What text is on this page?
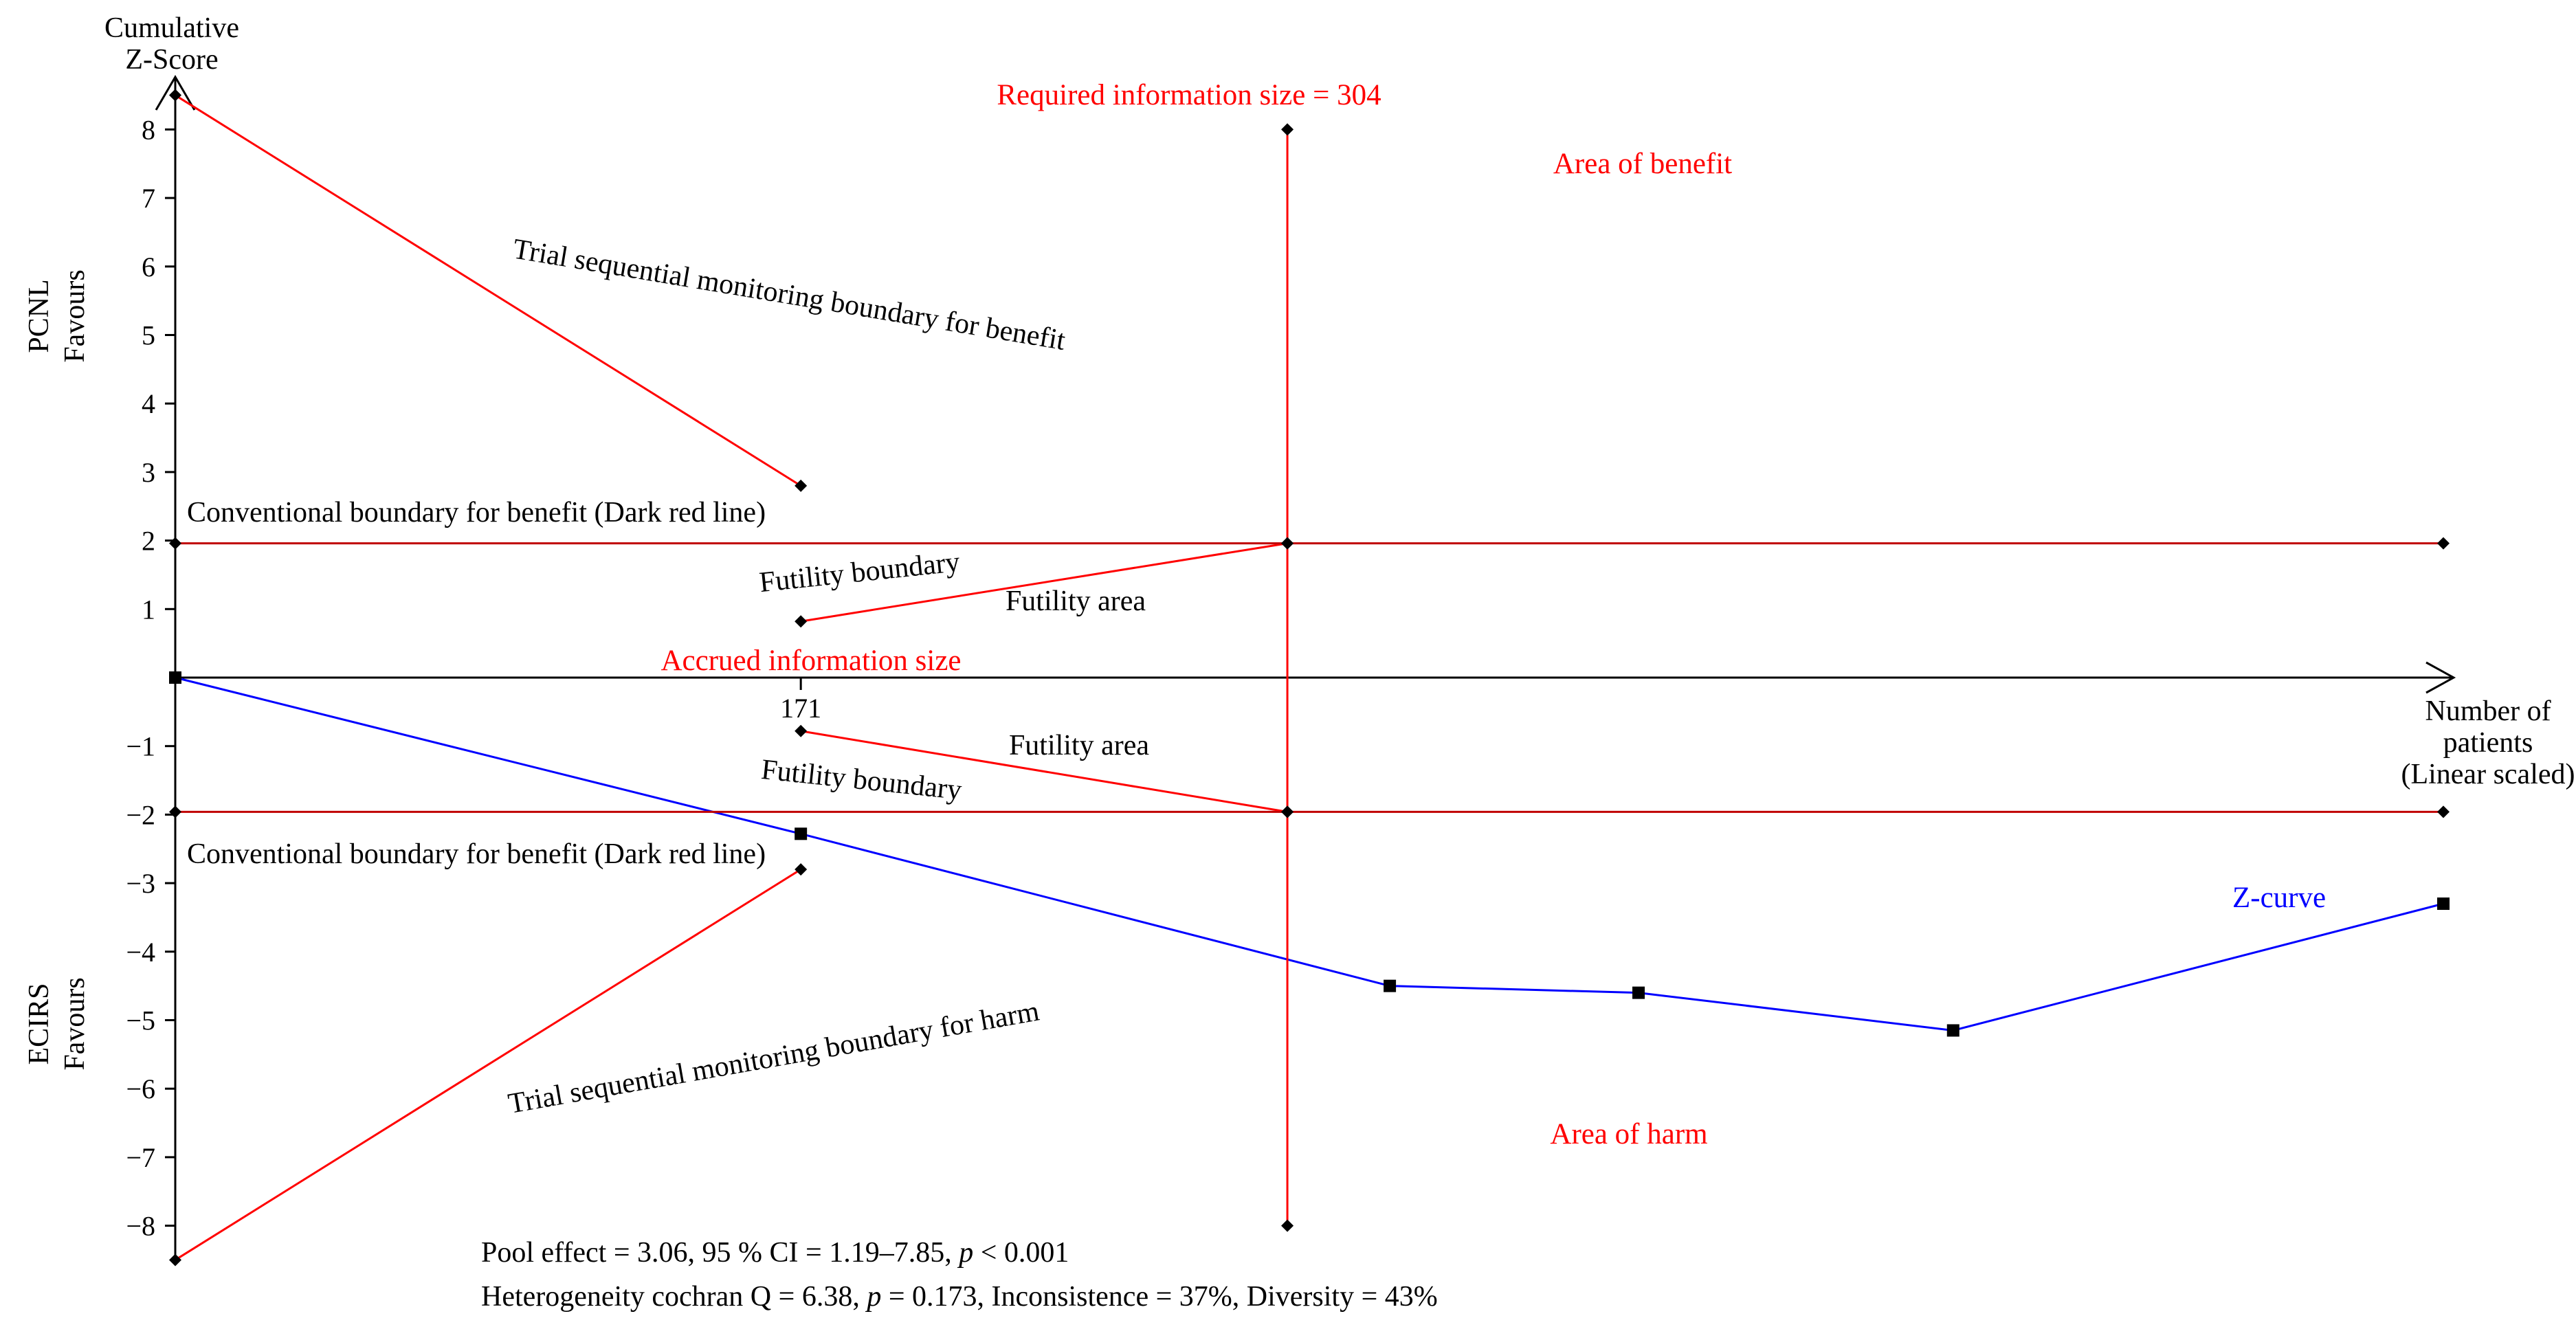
8
7
6
5
4
3
2
1
−1
−2
−3
−4
−5
−6
−7
−8
171
Cumulative
Z-Score
Number of
patients
(Linear scaled)
PCNL Favours
ECIRS Favours
Required information size = 304
Area of benefit
Area of harm
Trial sequential monitoring boundary for benefit
Trial sequential monitoring boundary for harm
Conventional boundary for benefit (Dark red line)
Conventional boundary for benefit (Dark red line)
Futility boundary
Futility boundary
Futility area
Futility area
Accrued information size
Z-curve
Pool effect = 3.06, 95 % CI = 1.19–7.85, p < 0.001
Heterogeneity cochran Q = 6.38, p = 0.173, Inconsistence = 37%, Diversity = 43%
